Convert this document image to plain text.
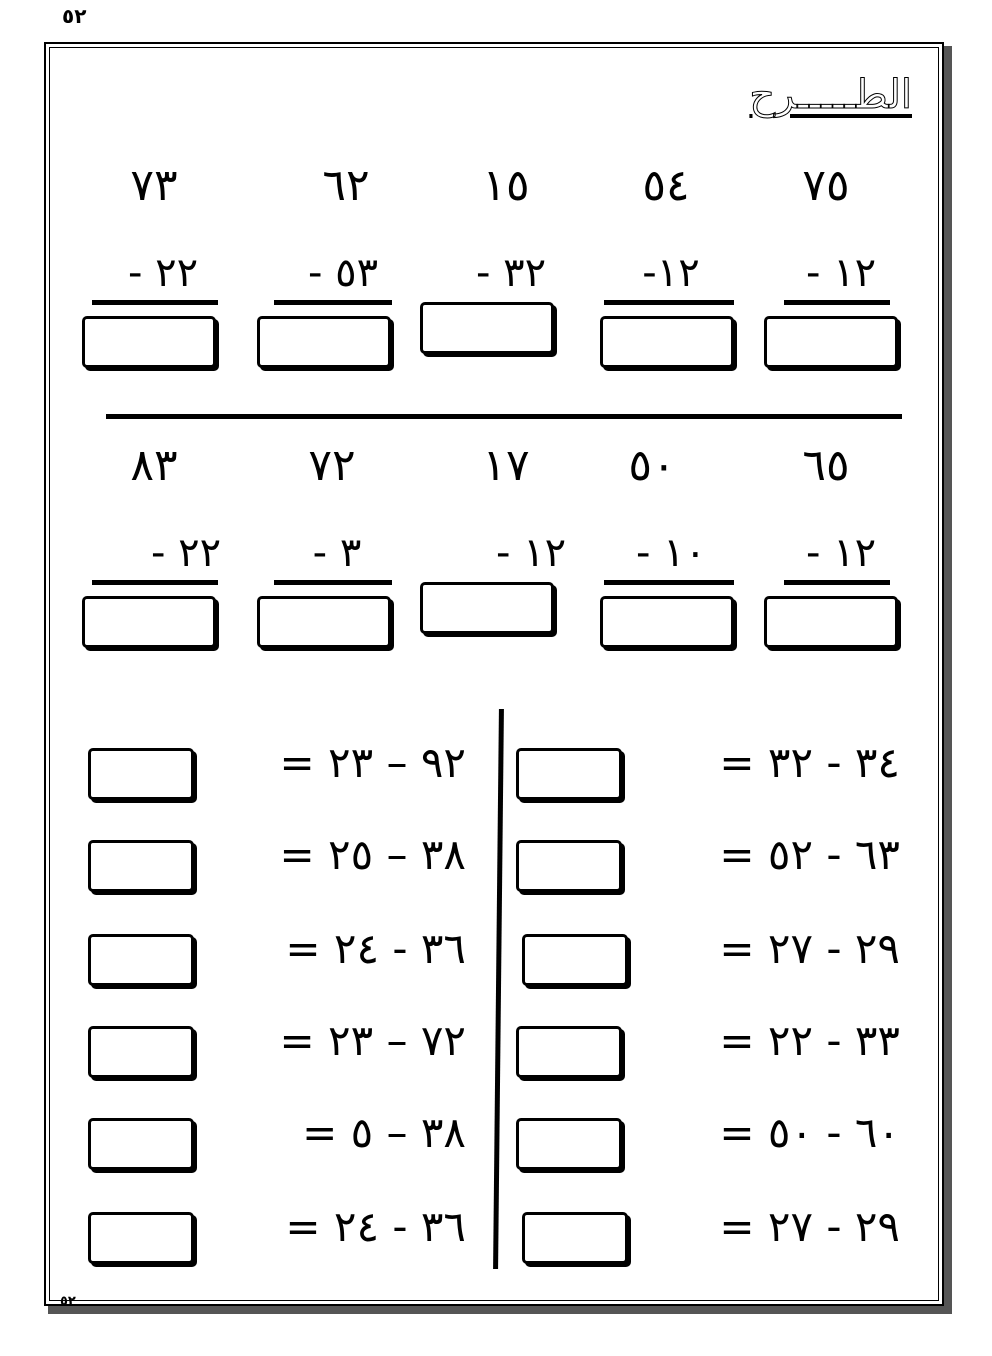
٥٢
الطـــــرح
٧٥
٥٤
١٥
٦٢
٧٣
١٢ -
١٢-
٣٢ -
٥٣ -
٢٢ -
٦٥
٥٠
١٧
٧٢
٨٣
١٢ -
١٠ -
١٢ -
٣ -
٢٢ -
٣٤ - ٣٢ =
٦٣ - ٥٢ =
٢٩ - ٢٧ =
٣٣ - ٢٢ =
٦٠ - ٥٠ =
٢٩ - ٢٧ =
٩٢ – ٢٣ =
٣٨ – ٢٥ =
٣٦ - ٢٤ =
٧٢ – ٢٣ =
٣٨ – ٥ =
٣٦ - ٢٤ =
٥٢
